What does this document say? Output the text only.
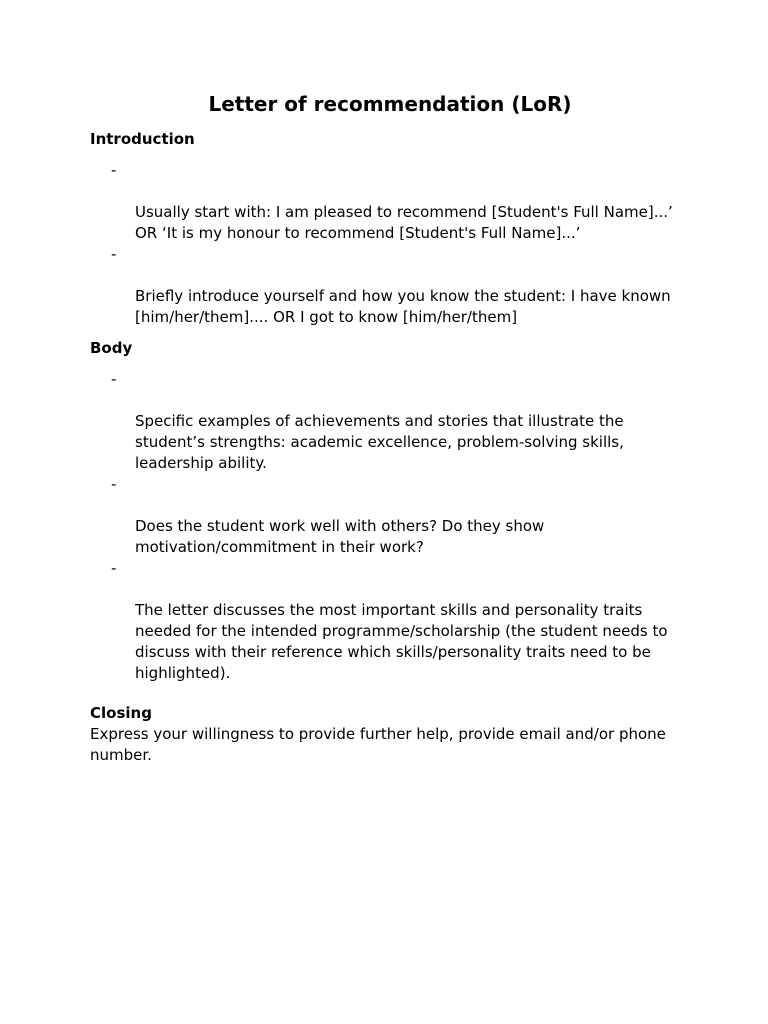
Letter of recommendation (LoR)
Introduction

-

Usually start with: I am pleased to recommend [Student's Full Name]...’
OR ‘It is my honour to recommend [Student's Full Name]...’

-

Briefly introduce yourself and how you know the student: I have known
[him/her/them].... OR I got to know [him/her/them]

Body

-

Specific examples of achievements and stories that illustrate the
student’s strengths: academic excellence, problem-solving skills,
leadership ability.

-

Does the student work well with others? Do they show
motivation/commitment in their work?

-

The letter discusses the most important skills and personality traits
needed for the intended programme/scholarship (the student needs to
discuss with their reference which skills/personality traits need to be
highlighted).

Closing

Express your willingness to provide further help, provide email and/or phone
number.
